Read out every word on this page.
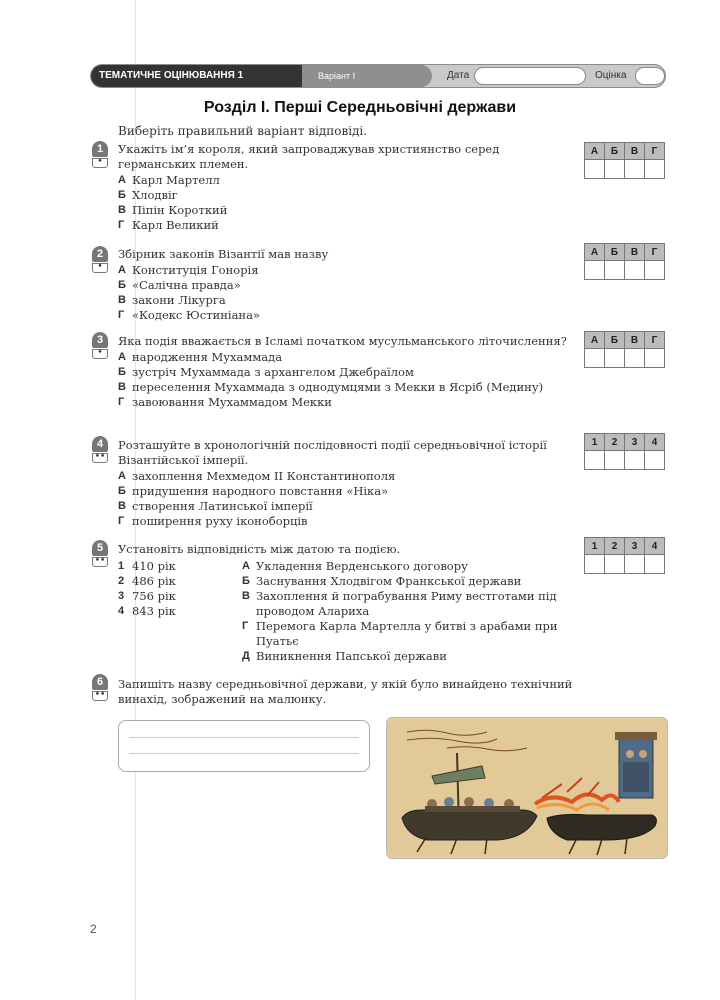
ТЕМАТИЧНЕ ОЦІНЮВАННЯ 1	Варіант I	Дата	Оцінка
Розділ I. Перші Середньовічні держави
Виберіть правильний варіант відповіді.
1
•
Укажіть ім’я короля, який запроваджував християнство серед германських племен.
А Карл Мартелл
Б Хлодвіг
В Піпін Короткий
Г Карл Великий
А	Б	В	Г

2
•
Збірник законів Візантії мав назву
А Конституція Гонорія
Б «Салічна правда»
В закони Лікурга
Г «Кодекс Юстиніана»
А	Б	В	Г

3
•
Яка подія вважається в Ісламі початком мусульманського літочислення?
А народження Мухаммада
Б зустріч Мухаммада з архангелом Джебраїлом
В переселення Мухаммада з однодумцями з Мекки в Ясріб (Медину)
Г завоювання Мухаммадом Мекки
А	Б	В	Г

4
••
Розташуйте в хронологічній послідовності події середньовічної історії Візантійської імперії.
А захоплення Мехмедом II Константинополя
Б придушення народного повстання «Ніка»
В створення Латинської імперії
Г поширення руху іконоборців
1	2	3	4

5
••
Установіть відповідність між датою та подією.	1	2	3	4

1 410 рік
2 486 рік
3 756 рік
4 843 рік
А Укладення Верденського договору
Б Заснування Хлодвігом Франкської держави
В Захоплення й пограбування Риму вестготами під проводом Алариха
Г Перемога Карла Мартелла у битві з арабами при Пуатьє
Д Виникнення Папської держави
6
••
Запишіть назву середньовічної держави, у якій було винайдено технічний винахід, зображений на малюнку.
2
